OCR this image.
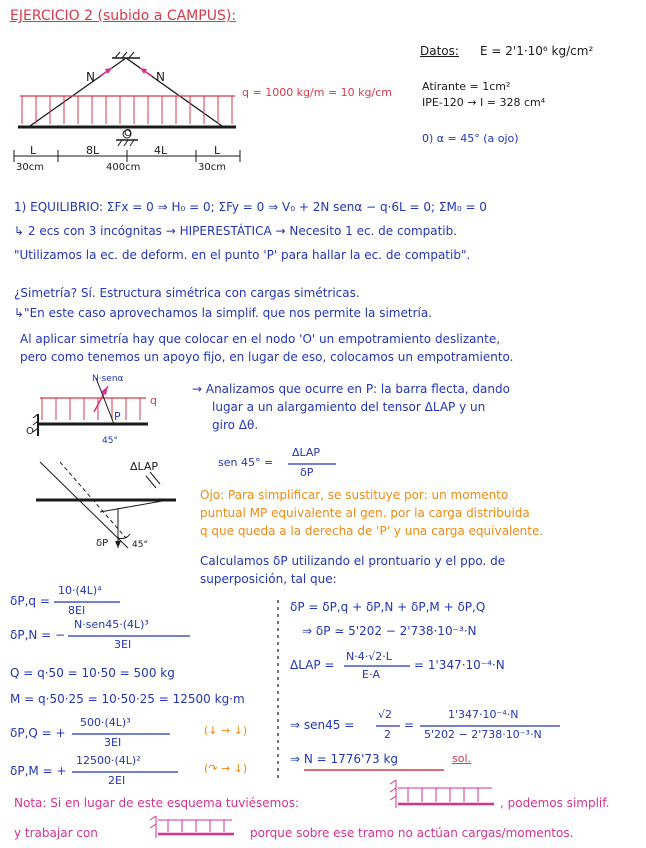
EJERCICIO 2 (subido a CAMPUS):
q = 1000 kg/m = 10 kg/cm
N	N
O
L	8L	4L	L
30cm	400cm	30cm
Datos: E = 2'1·10⁶ kg/cm²
Atirante = 1cm²
IPE-120 → I = 328 cm⁴
0) α = 45° (a ojo)
1) EQUILIBRIO: ΣFx = 0 ⇒ H₀ = 0; ΣFy = 0 ⇒ V₀ + 2N senα − q·6L = 0; ΣM₀ = 0
↳ 2 ecs con 3 incógnitas → HIPERESTÁTICA → Necesito 1 ec. de compatib.
"Utilizamos la ec. de deform. en el punto 'P' para hallar la ec. de compatib".
¿Simetría? Sí. Estructura simétrica con cargas simétricas.
↳"En este caso aprovechamos la simplif. que nos permite la simetría.
Al aplicar simetría hay que colocar en el nodo 'O' un empotramiento deslizante,
pero como tenemos un apoyo fijo, en lugar de eso, colocamos un empotramiento.
N·senα
q
P
O
45°
→ Analizamos que ocurre en P: la barra flecta, dando
lugar a un alargamiento del tensor ΔLAP y un
giro Δθ.
sen 45° =
ΔLAP
δP
ΔLAP
δP	45°
Ojo: Para simplificar, se sustituye por: un momento
puntual MP equivalente al gen. por la carga distribuida
q que queda a la derecha de 'P' y una carga equivalente.
Calculamos δP utilizando el prontuario y el ppo. de
superposición, tal que:
δP,q =
10·(4L)⁴
8EI
δP,N = −
N·sen45·(4L)³
3EI
Q = q·50 = 10·50 = 500 kg
M = q·50·25 = 10·50·25 = 12500 kg·m
δP,Q = +
500·(4L)³
3EI
(↓ → ↓)
δP,M = +
12500·(4L)²
2EI
(↷ → ↓)
δP = δP,q + δP,N + δP,M + δP,Q
⇒ δP ≃ 5'202 − 2'738·10⁻³·N
ΔLAP =
N·4·√2·L
E·A
= 1'347·10⁻⁴·N
⇒ sen45 =
√2
2
=
1'347·10⁻⁴·N
5'202 − 2'738·10⁻³·N
⇒ N = 1776'73 kg	sol.
Nota: Si en lugar de este esquema tuviésemos:	, podemos simplif.
y trabajar con	porque sobre ese tramo no actúan cargas/momentos.
